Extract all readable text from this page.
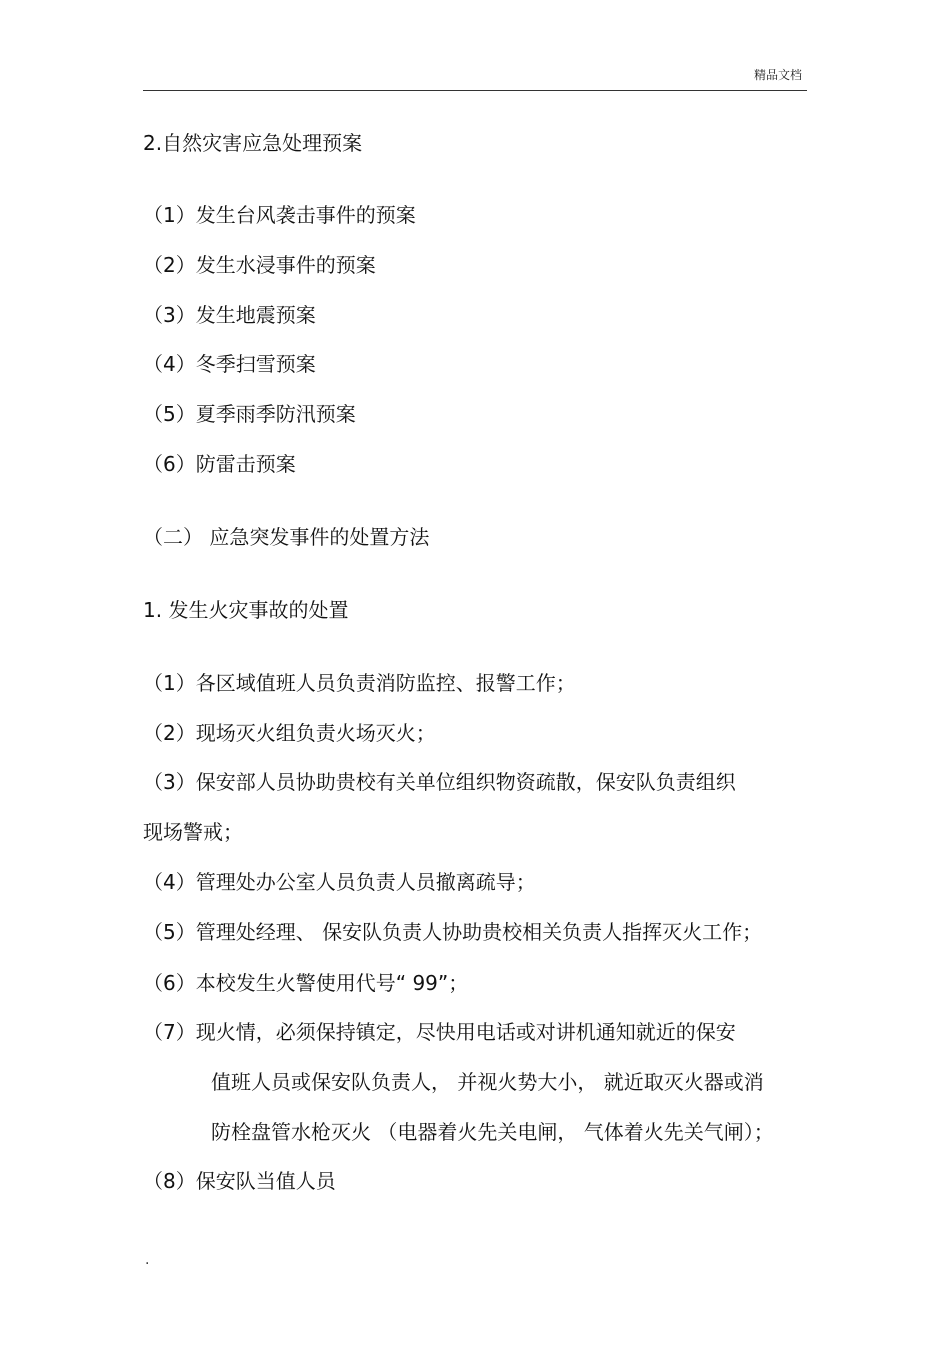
精品文档
2.自然灾害应急处理预案
（1）发生台风袭击事件的预案
（2）发生水浸事件的预案
（3）发生地震预案
（4）冬季扫雪预案
（5）夏季雨季防汛预案
（6）防雷击预案
（二） 应急突发事件的处置方法
1. 发生火灾事故的处置
（1）各区域值班人员负责消防监控、报警工作；
（2）现场灭火组负责火场灭火；
（3）保安部人员协助贵校有关单位组织物资疏散，保安队负责组织
现场警戒；
（4）管理处办公室人员负责人员撤离疏导；
（5）管理处经理、 保安队负责人协助贵校相关负责人指挥灭火工作；
（6）本校发生火警使用代号“ 99”；
（7）现火情，必须保持镇定，尽快用电话或对讲机通知就近的保安
值班人员或保安队负责人， 并视火势大小， 就近取灭火器或消
防栓盘管水枪灭火 （电器着火先关电闸， 气体着火先关气闸）；
（8）保安队当值人员
.
